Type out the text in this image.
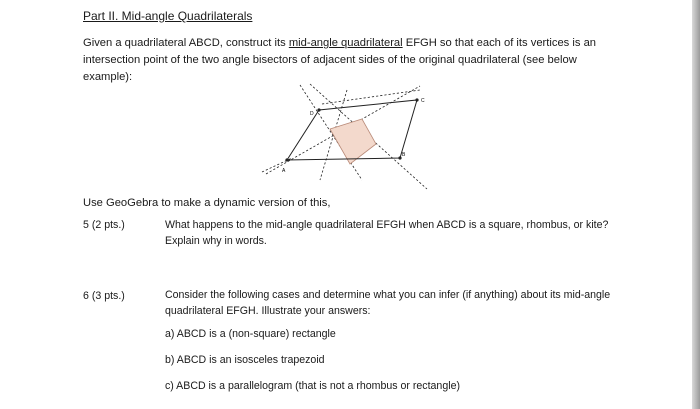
Part II. Mid-angle Quadrilaterals
Given a quadrilateral ABCD, construct its mid-angle quadrilateral EFGH so that each of its vertices is an intersection point of the two angle bisectors of adjacent sides of the original quadrilateral (see below example):
A
D
C
B
Use GeoGebra to make a dynamic version of this,
5 (2 pts.)	What happens to the mid-angle quadrilateral EFGH when ABCD is a square, rhombus, or kite? Explain why in words.
6 (3 pts.)	Consider the following cases and determine what you can infer (if anything) about its mid-angle quadrilateral EFGH. Illustrate your answers:
a) ABCD is a (non-square) rectangle
b) ABCD is an isosceles trapezoid
c) ABCD is a parallelogram (that is not a rhombus or rectangle)
